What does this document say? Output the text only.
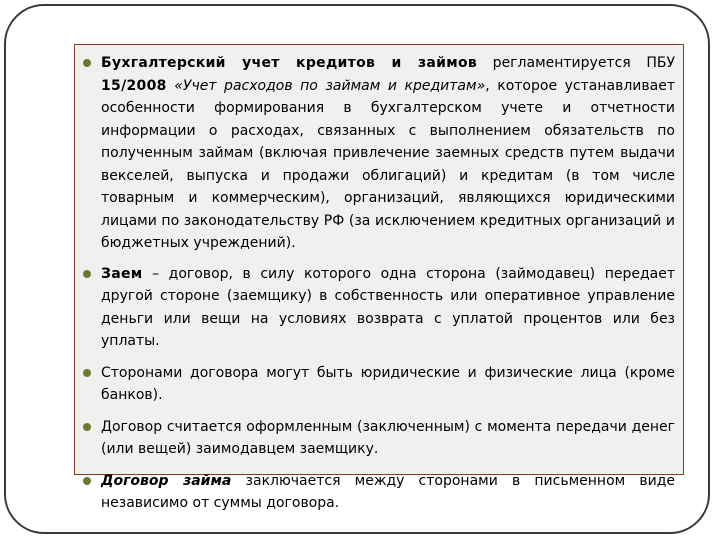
Бухгалтерский учет кредитов и займов регламентируется ПБУ 15/2008 «Учет расходов по займам и кредитам», которое устанавливает особенности формирования в бухгалтерском учете и отчетности информации о расходах, связанных с выполнением обязательств по полученным займам (включая привлечение заемных средств путем выдачи векселей, выпуска и продажи облигаций) и кредитам (в том числе товарным и коммерческим), организаций, являющихся юридическими лицами по законодательству РФ (за исключением кредитных организаций и бюджетных учреждений).
Заем – договор, в силу которого одна сторона (займодавец) передает другой стороне (заемщику) в собственность или оперативное управление деньги или вещи на условиях возврата с уплатой процентов или без уплаты.
Сторонами договора могут быть юридические и физические лица (кроме банков).
Договор считается оформленным (заключенным) с момента передачи денег (или вещей) заимодавцем заемщику.
Договор займа заключается между сторонами в письменном виде независимо от суммы договора.
